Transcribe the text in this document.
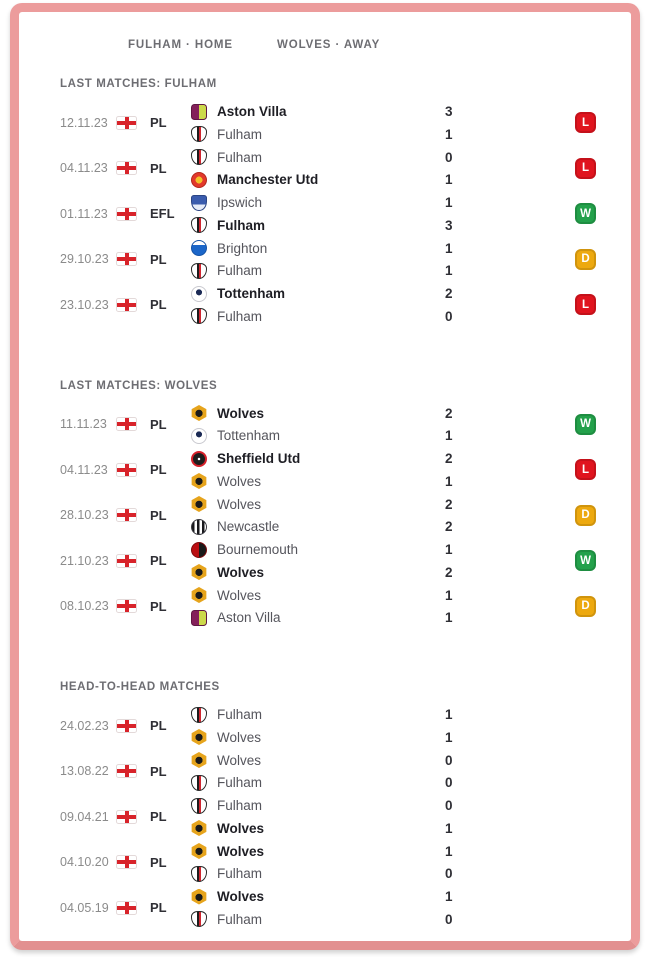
FULHAM · HOME	WOLVES · AWAY
LAST MATCHES: FULHAM
12.11.23	PL
Aston Villa	3
Fulham	1
L
04.11.23	PL
Fulham	0
Manchester Utd	1
L
01.11.23	EFL
Ipswich	1
Fulham	3
W
29.10.23	PL
Brighton	1
Fulham	1
D
23.10.23	PL
Tottenham	2
Fulham	0
L
LAST MATCHES: WOLVES
11.11.23	PL
Wolves	2
Tottenham	1
W
04.11.23	PL
Sheffield Utd	2
Wolves	1
L
28.10.23	PL
Wolves	2
Newcastle	2
D
21.10.23	PL
Bournemouth	1
Wolves	2
W
08.10.23	PL
Wolves	1
Aston Villa	1
D
HEAD-TO-HEAD MATCHES
24.02.23	PL
Fulham	1
Wolves	1
13.08.22	PL
Wolves	0
Fulham	0
09.04.21	PL
Fulham	0
Wolves	1
04.10.20	PL
Wolves	1
Fulham	0
04.05.19	PL
Wolves	1
Fulham	0
